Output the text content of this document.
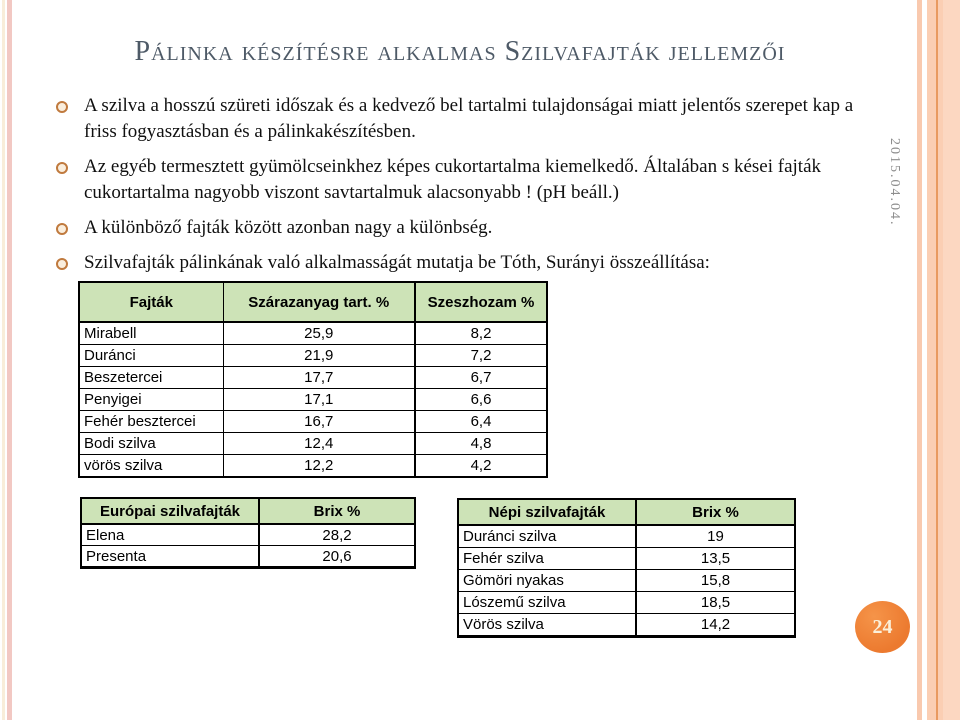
Pálinka készítésre alkalmas Szilvafajták jellemzői
A szilva a hosszú szüreti időszak és a kedvező bel tartalmi tulajdonságai miatt jelentős szerepet kap a friss fogyasztásban és a pálinkakészítésben.
Az egyéb termesztett gyümölcseinkhez képes cukortartalma kiemelkedő. Általában s kései fajták cukortartalma nagyobb viszont savtartalmuk alacsonyabb ! (pH beáll.)
A különböző fajták között azonban nagy a különbség.
Szilvafajták pálinkának való alkalmasságát mutatja be Tóth, Surányi összeállítása:
Fajták	Szárazanyag tart. %	Szeszhozam %
Mirabell	25,9	8,2
Duránci	21,9	7,2
Beszetercei	17,7	6,7
Penyigei	17,1	6,6
Fehér besztercei	16,7	6,4
Bodi szilva	12,4	4,8
vörös szilva	12,2	4,2
Európai szilvafajták	Brix %
Elena	28,2
Presenta	20,6
Népi szilvafajták	Brix %
Duránci szilva	19
Fehér szilva	13,5
Gömöri nyakas	15,8
Lószemű szilva	18,5
Vörös szilva	14,2
2015.04.04.
24
